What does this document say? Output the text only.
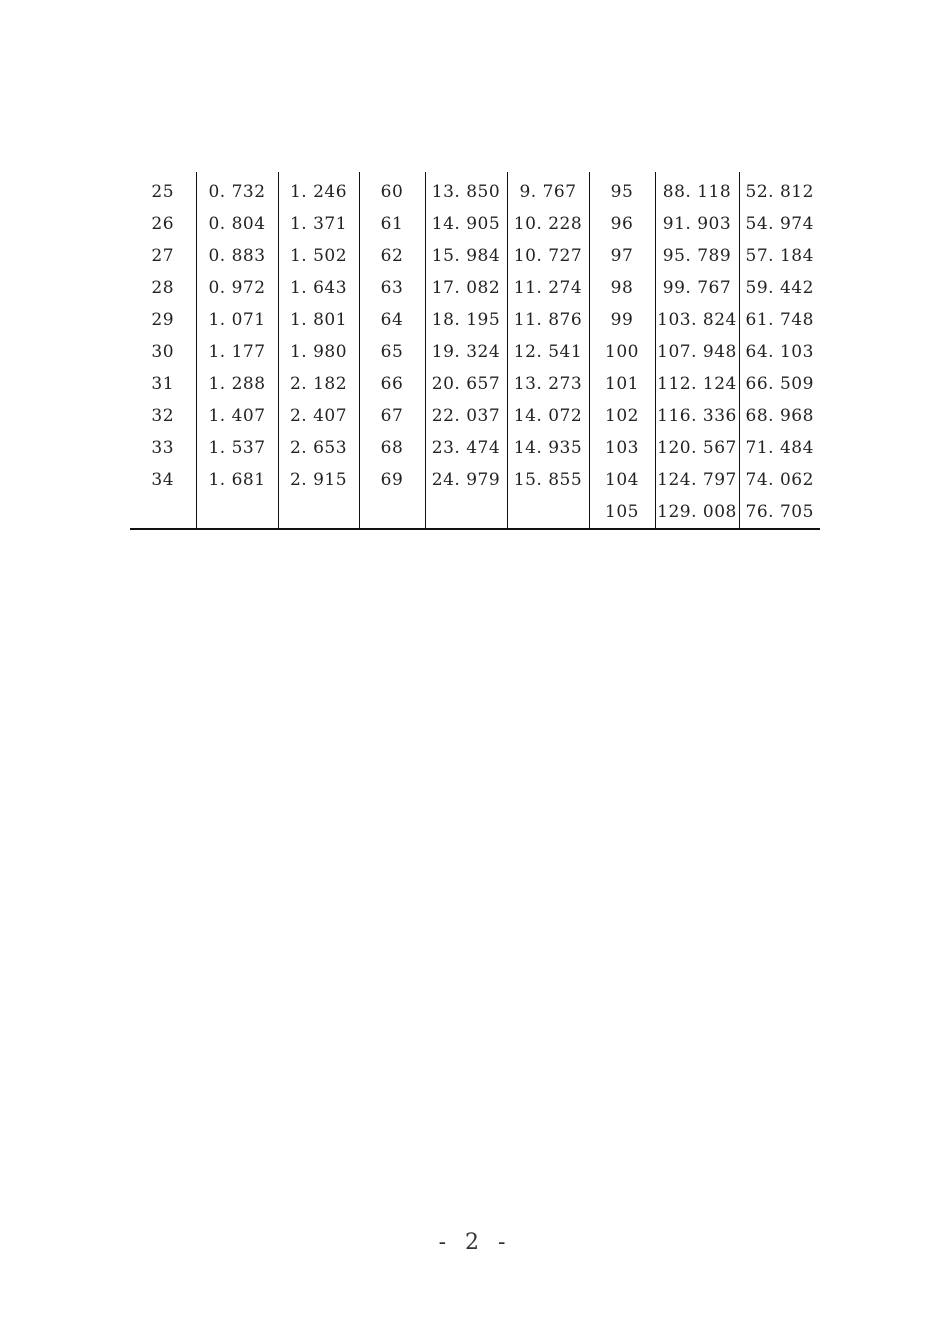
25	0. 732	1. 246	60	13. 850	9. 767	95	88. 118	52. 812
26	0. 804	1. 371	61	14. 905	10. 228	96	91. 903	54. 974
27	0. 883	1. 502	62	15. 984	10. 727	97	95. 789	57. 184
28	0. 972	1. 643	63	17. 082	11. 274	98	99. 767	59. 442
29	1. 071	1. 801	64	18. 195	11. 876	99	103. 824	61. 748
30	1. 177	1. 980	65	19. 324	12. 541	100	107. 948	64. 103
31	1. 288	2. 182	66	20. 657	13. 273	101	112. 124	66. 509
32	1. 407	2. 407	67	22. 037	14. 072	102	116. 336	68. 968
33	1. 537	2. 653	68	23. 474	14. 935	103	120. 567	71. 484
34	1. 681	2. 915	69	24. 979	15. 855	104	124. 797	74. 062
						105	129. 008	76. 705
- 2 -
